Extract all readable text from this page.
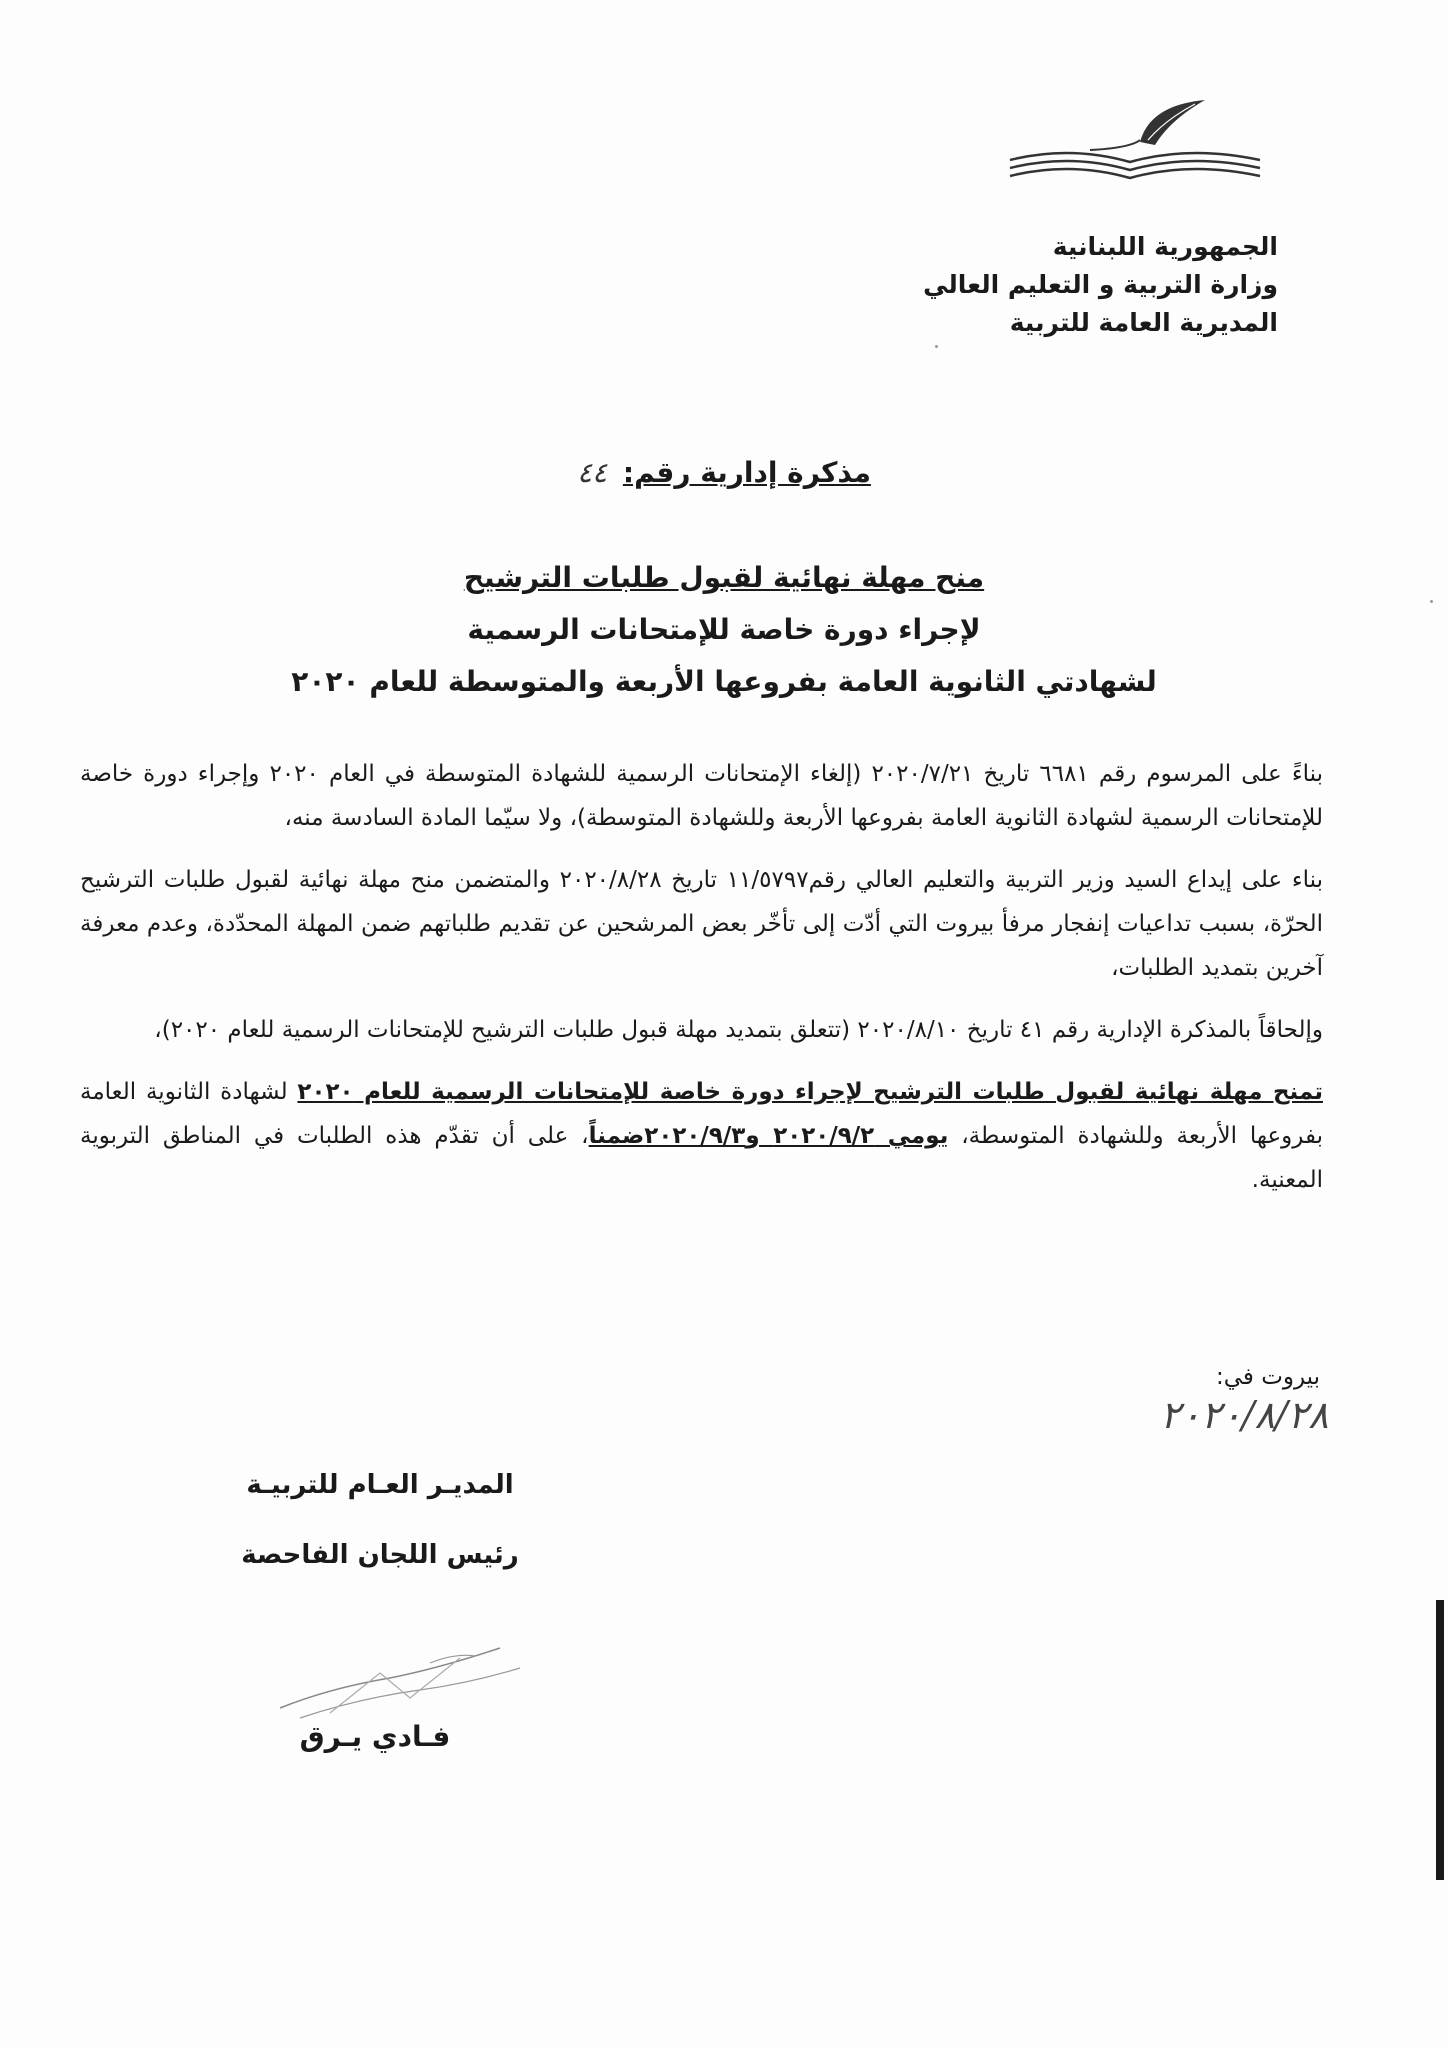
الجمهورية اللبنانية
وزارة التربية و التعليم العالي
المديرية العامة للتربية
مذكرة إدارية رقم: ٤٤
منح مهلة نهائية لقبول طلبات الترشيح
لإجراء دورة خاصة للإمتحانات الرسمية
لشهادتي الثانوية العامة بفروعها الأربعة والمتوسطة للعام ٢٠٢٠

بناءً على المرسوم رقم ٦٦٨١ تاريخ ٢٠٢٠/٧/٢١ (إلغاء الإمتحانات الرسمية للشهادة المتوسطة في العام ٢٠٢٠ وإجراء دورة خاصة للإمتحانات الرسمية لشهادة الثانوية العامة بفروعها الأربعة وللشهادة المتوسطة)، ولا سيّما المادة السادسة منه،

بناء على إيداع السيد وزير التربية والتعليم العالي رقم١١/٥٧٩٧ تاريخ ٢٠٢٠/٨/٢٨ والمتضمن منح مهلة نهائية لقبول طلبات الترشيح الحرّة، بسبب تداعيات إنفجار مرفأ بيروت التي أدّت إلى تأخّر بعض المرشحين عن تقديم طلباتهم ضمن المهلة المحدّدة، وعدم معرفة آخرين بتمديد الطلبات،

وإلحاقاً بالمذكرة الإدارية رقم ٤١ تاريخ ٢٠٢٠/٨/١٠ (تتعلق بتمديد مهلة قبول طلبات الترشيح للإمتحانات الرسمية للعام ٢٠٢٠)،

تمنح مهلة نهائية لقبول طلبات الترشيح لإجراء دورة خاصة للإمتحانات الرسمية للعام ٢٠٢٠ لشهادة الثانوية العامة بفروعها الأربعة وللشهادة المتوسطة، يومي ٢٠٢٠/٩/٢ و٢٠٢٠/٩/٣ضمناً، على أن تقدّم هذه الطلبات في المناطق التربوية المعنية.

بيروت في:
٢٠٢٠/٨/٢٨
المديـر العـام للتربيـة
رئيس اللجان الفاحصة
فـادي يـرق
